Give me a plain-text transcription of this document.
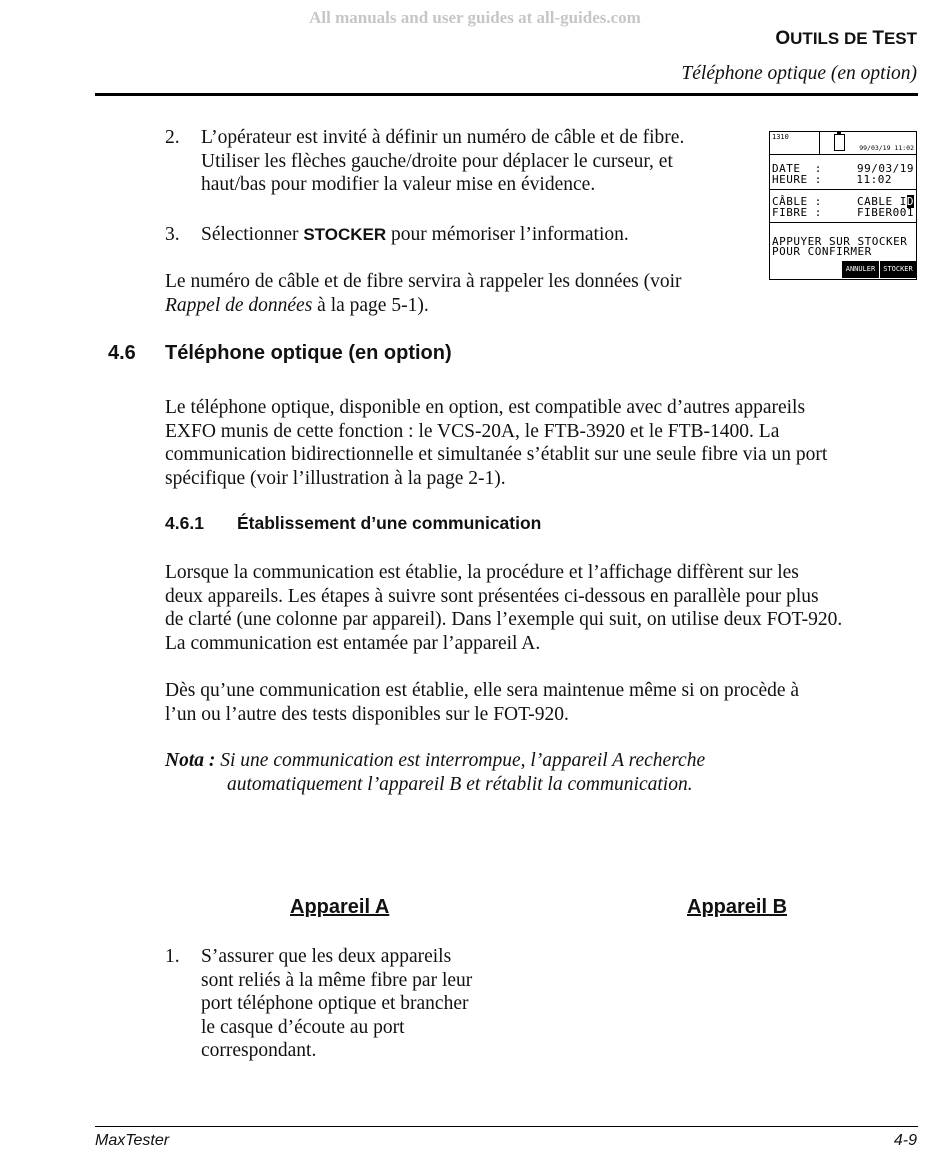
All manuals and user guides at all-guides.com
OUTILS DE TEST
Téléphone optique (en option)
2. L’opérateur est invité à définir un numéro de câble et de fibre.
Utiliser les flèches gauche/droite pour déplacer le curseur, et
haut/bas pour modifier la valeur mise en évidence.
3. Sélectionner STOCKER pour mémoriser l’information.
Le numéro de câble et de fibre servira à rappeler les données (voir
Rappel de données à la page 5-1).
1310
99/03/19 11:02
DATE  :	99/03/19
HEURE :	11:02
CÂBLE :	CABLE ID
FIBRE :	FIBER001
APPUYER SUR STOCKER
POUR CONFIRMER
ANNULER	STOCKER
4.6 Téléphone optique (en option)
Le téléphone optique, disponible en option, est compatible avec d’autres appareils
EXFO munis de cette fonction : le VCS-20A, le FTB-3920 et le FTB-1400. La
communication bidirectionnelle et simultanée s’établit sur une seule fibre via un port
spécifique (voir l’illustration à la page 2-1).
4.6.1 Établissement d’une communication
Lorsque la communication est établie, la procédure et l’affichage diffèrent sur les
deux appareils. Les étapes à suivre sont présentées ci-dessous en parallèle pour plus
de clarté (une colonne par appareil). Dans l’exemple qui suit, on utilise deux FOT-920.
La communication est entamée par l’appareil A.
Dès qu’une communication est établie, elle sera maintenue même si on procède à
l’un ou l’autre des tests disponibles sur le FOT-920.
Nota : Si une communication est interrompue, l’appareil A recherche
automatiquement l’appareil B et rétablit la communication.
Appareil A	Appareil B
1. S’assurer que les deux appareils
sont reliés à la même fibre par leur
port téléphone optique et brancher
le casque d’écoute au port
correspondant.
MaxTester	4-9
